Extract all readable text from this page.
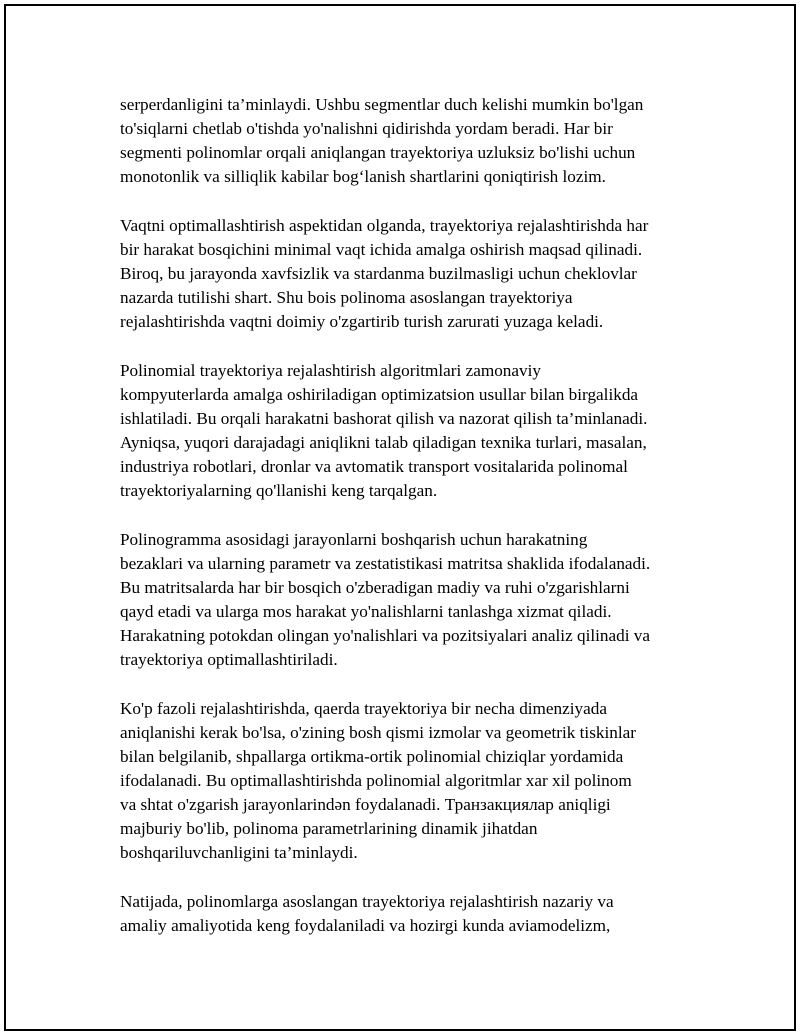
serperdanligini ta’minlaydi. Ushbu segmentlar duch kelishi mumkin bo'lgan
to'siqlarni chetlab o'tishda yo'nalishni qidirishda yordam beradi. Har bir
segmenti polinomlar orqali aniqlangan trayektoriya uzluksiz bo'lishi uchun
monotonlik va silliqlik kabilar bog‘lanish shartlarini qoniqtirish lozim.

Vaqtni optimallashtirish aspektidan olganda, trayektoriya rejalashtirishda har
bir harakat bosqichini minimal vaqt ichida amalga oshirish maqsad qilinadi.
Biroq, bu jarayonda xavfsizlik va stardanma buzilmasligi uchun cheklovlar
nazarda tutilishi shart. Shu bois polinoma asoslangan trayektoriya
rejalashtirishda vaqtni doimiy o'zgartirib turish zarurati yuzaga keladi.

Polinomial trayektoriya rejalashtirish algoritmlari zamonaviy
kompyuterlarda amalga oshiriladigan optimizatsion usullar bilan birgalikda
ishlatiladi. Bu orqali harakatni bashorat qilish va nazorat qilish ta’minlanadi.
Ayniqsa, yuqori darajadagi aniqlikni talab qiladigan texnika turlari, masalan,
industriya robotlari, dronlar va avtomatik transport vositalarida polinomal
trayektoriyalarning qo'llanishi keng tarqalgan.

Polinogramma asosidagi jarayonlarni boshqarish uchun harakatning
bezaklari va ularning parametr va zestatistikasi matritsa shaklida ifodalanadi.
Bu matritsalarda har bir bosqich o'zberadigan madiy va ruhi o'zgarishlarni
qayd etadi va ularga mos harakat yo'nalishlarni tanlashga xizmat qiladi.
Harakatning potokdan olingan yo'nalishlari va pozitsiyalari analiz qilinadi va
trayektoriya optimallashtiriladi.

Ko'p fazoli rejalashtirishda, qaerda trayektoriya bir necha dimenziyada
aniqlanishi kerak bo'lsa, o'zining bosh qismi izmolar va geometrik tiskinlar
bilan belgilanib, shpallarga ortikma-ortik polinomial chiziqlar yordamida
ifodalanadi. Bu optimallashtirishda polinomial algoritmlar xar xil polinom
va shtat o'zgarish jarayonlarindən foydalanadi. Транзакциялар aniqligi
majburiy bo'lib, polinoma parametrlarining dinamik jihatdan
boshqariluvchanligini ta’minlaydi.

Natijada, polinomlarga asoslangan trayektoriya rejalashtirish nazariy va
amaliy amaliyotida keng foydalaniladi va hozirgi kunda aviamodelizm,
